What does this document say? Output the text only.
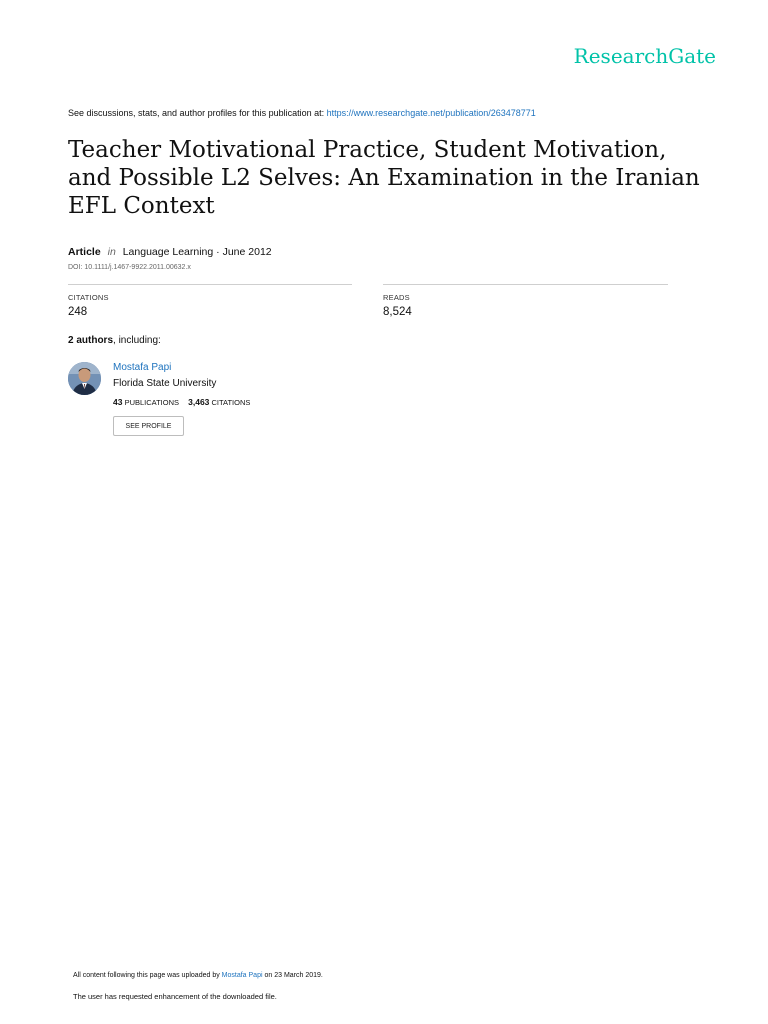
ResearchGate
See discussions, stats, and author profiles for this publication at: https://www.researchgate.net/publication/263478771
Teacher Motivational Practice, Student Motivation, and Possible L2 Selves: An Examination in the Iranian EFL Context
Article in Language Learning · June 2012
DOI: 10.1111/j.1467-9922.2011.00632.x
CITATIONS
248
READS
8,524
2 authors, including:
Mostafa Papi
Florida State University
43 PUBLICATIONS 3,463 CITATIONS
SEE PROFILE
All content following this page was uploaded by Mostafa Papi on 23 March 2019.
The user has requested enhancement of the downloaded file.
